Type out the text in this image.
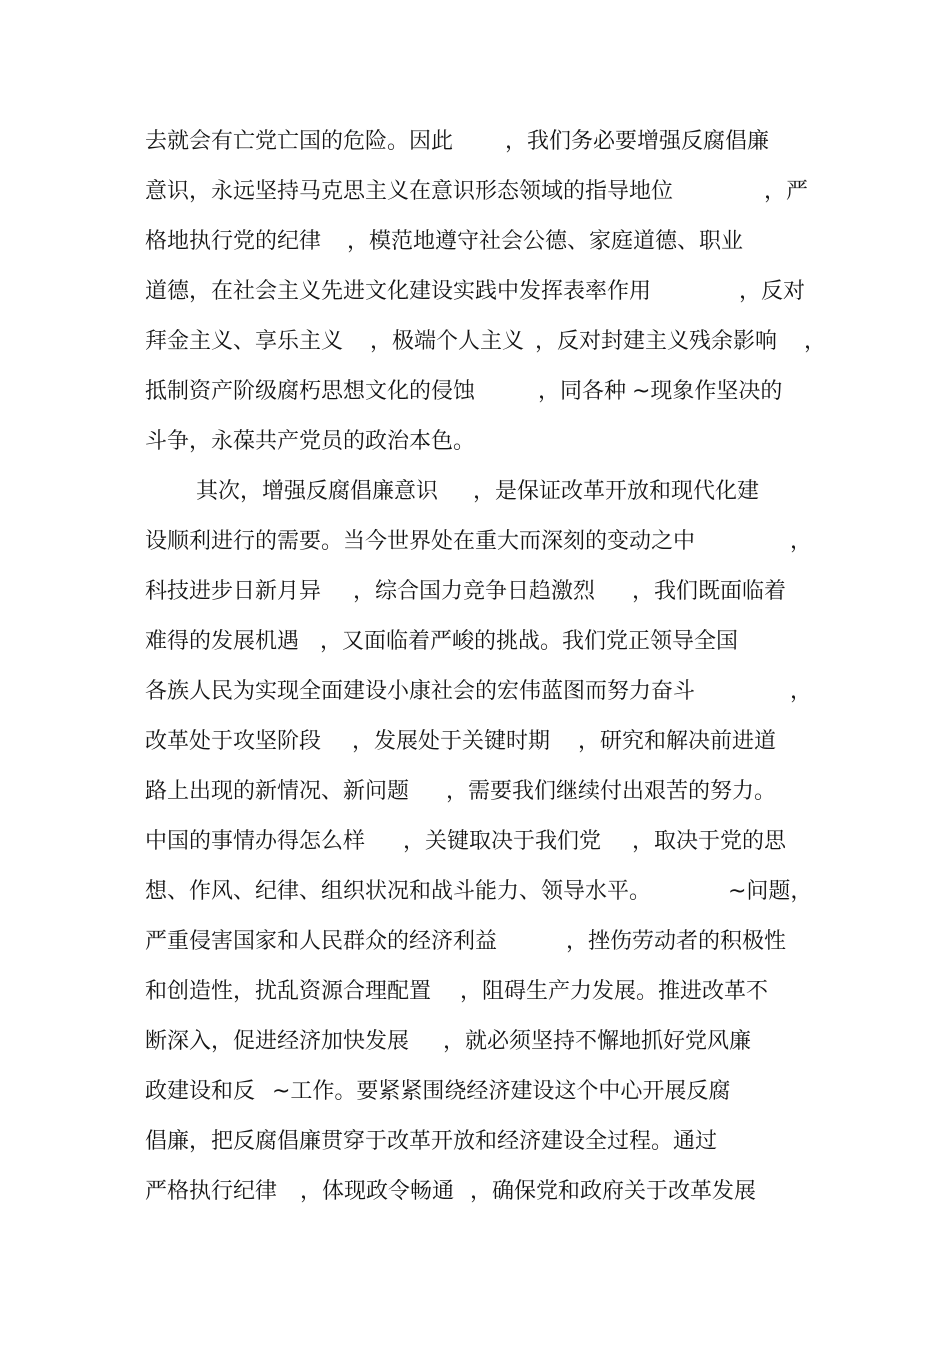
去就会有亡党亡国的危险。因此 ，我们务必要增强反腐倡廉
意识，永远坚持马克思主义在意识形态领域的指导地位	，严
格地执行党的纪律 ，模范地遵守社会公德、家庭道德、职业
道德，在社会主义先进文化建设实践中发挥表率作用	，反对
拜金主义、享乐主义 ，极端个人主义 ，反对封建主义残余影响 ，
抵制资产阶级腐朽思想文化的侵蚀	，同各种 ~现象作坚决的
斗争，永葆共产党员的政治本色。
其次，增强反腐倡廉意识 ，是保证改革开放和现代化建
设顺利进行的需要。当今世界处在重大而深刻的变动之中	，
科技进步日新月异 ，综合国力竞争日趋激烈 ，我们既面临着
难得的发展机遇 ，又面临着严峻的挑战。我们党正领导全国
各族人民为实现全面建设小康社会的宏伟蓝图而努力奋斗	，
改革处于攻坚阶段 ，发展处于关键时期 ，研究和解决前进道
路上出现的新情况、新问题 ，需要我们继续付出艰苦的努力。
中国的事情办得怎么样 ，关键取决于我们党 ，取决于党的思
想、作风、纪律、组织状况和战斗能力、领导水平。	~问题，
严重侵害国家和人民群众的经济利益	，挫伤劳动者的积极性
和创造性，扰乱资源合理配置 ，阻碍生产力发展。推进改革不
断深入，促进经济加快发展 ，就必须坚持不懈地抓好党风廉
政建设和反 ~工作。要紧紧围绕经济建设这个中心开展反腐
倡廉，把反腐倡廉贯穿于改革开放和经济建设全过程。通过
严格执行纪律 ，体现政令畅通 ，确保党和政府关于改革发展
